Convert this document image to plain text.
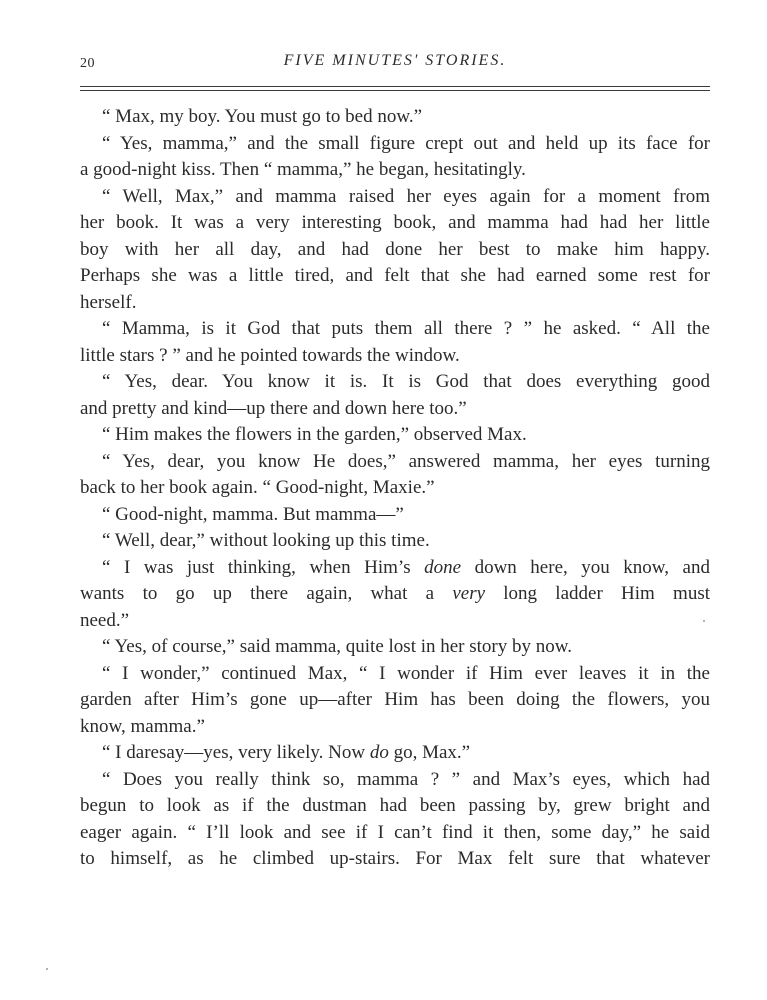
20	FIVE MINUTES' STORIES.
“ Max, my boy. You must go to bed now.”
“ Yes, mamma,” and the small figure crept out and held up its face for
a good-night kiss. Then “ mamma,” he began, hesitatingly.
“ Well, Max,” and mamma raised her eyes again for a moment from
her book. It was a very interesting book, and mamma had had her little
boy with her all day, and had done her best to make him happy.
Perhaps she was a little tired, and felt that she had earned some rest for
herself.
“ Mamma, is it God that puts them all there ? ” he asked. “ All the
little stars ? ” and he pointed towards the window.
“ Yes, dear. You know it is. It is God that does everything good
and pretty and kind—up there and down here too.”
“ Him makes the flowers in the garden,” observed Max.
“ Yes, dear, you know He does,” answered mamma, her eyes turning
back to her book again. “ Good-night, Maxie.”
“ Good-night, mamma. But mamma—”
“ Well, dear,” without looking up this time.
“ I was just thinking, when Him’s done down here, you know, and
wants to go up there again, what a very long ladder Him must
need.”
“ Yes, of course,” said mamma, quite lost in her story by now.
“ I wonder,” continued Max, “ I wonder if Him ever leaves it in the
garden after Him’s gone up—after Him has been doing the flowers, you
know, mamma.”
“ I daresay—yes, very likely. Now do go, Max.”
“ Does you really think so, mamma ? ” and Max’s eyes, which had
begun to look as if the dustman had been passing by, grew bright and
eager again. “ I’ll look and see if I can’t find it then, some day,” he said
to himself, as he climbed up-stairs. For Max felt sure that whatever
